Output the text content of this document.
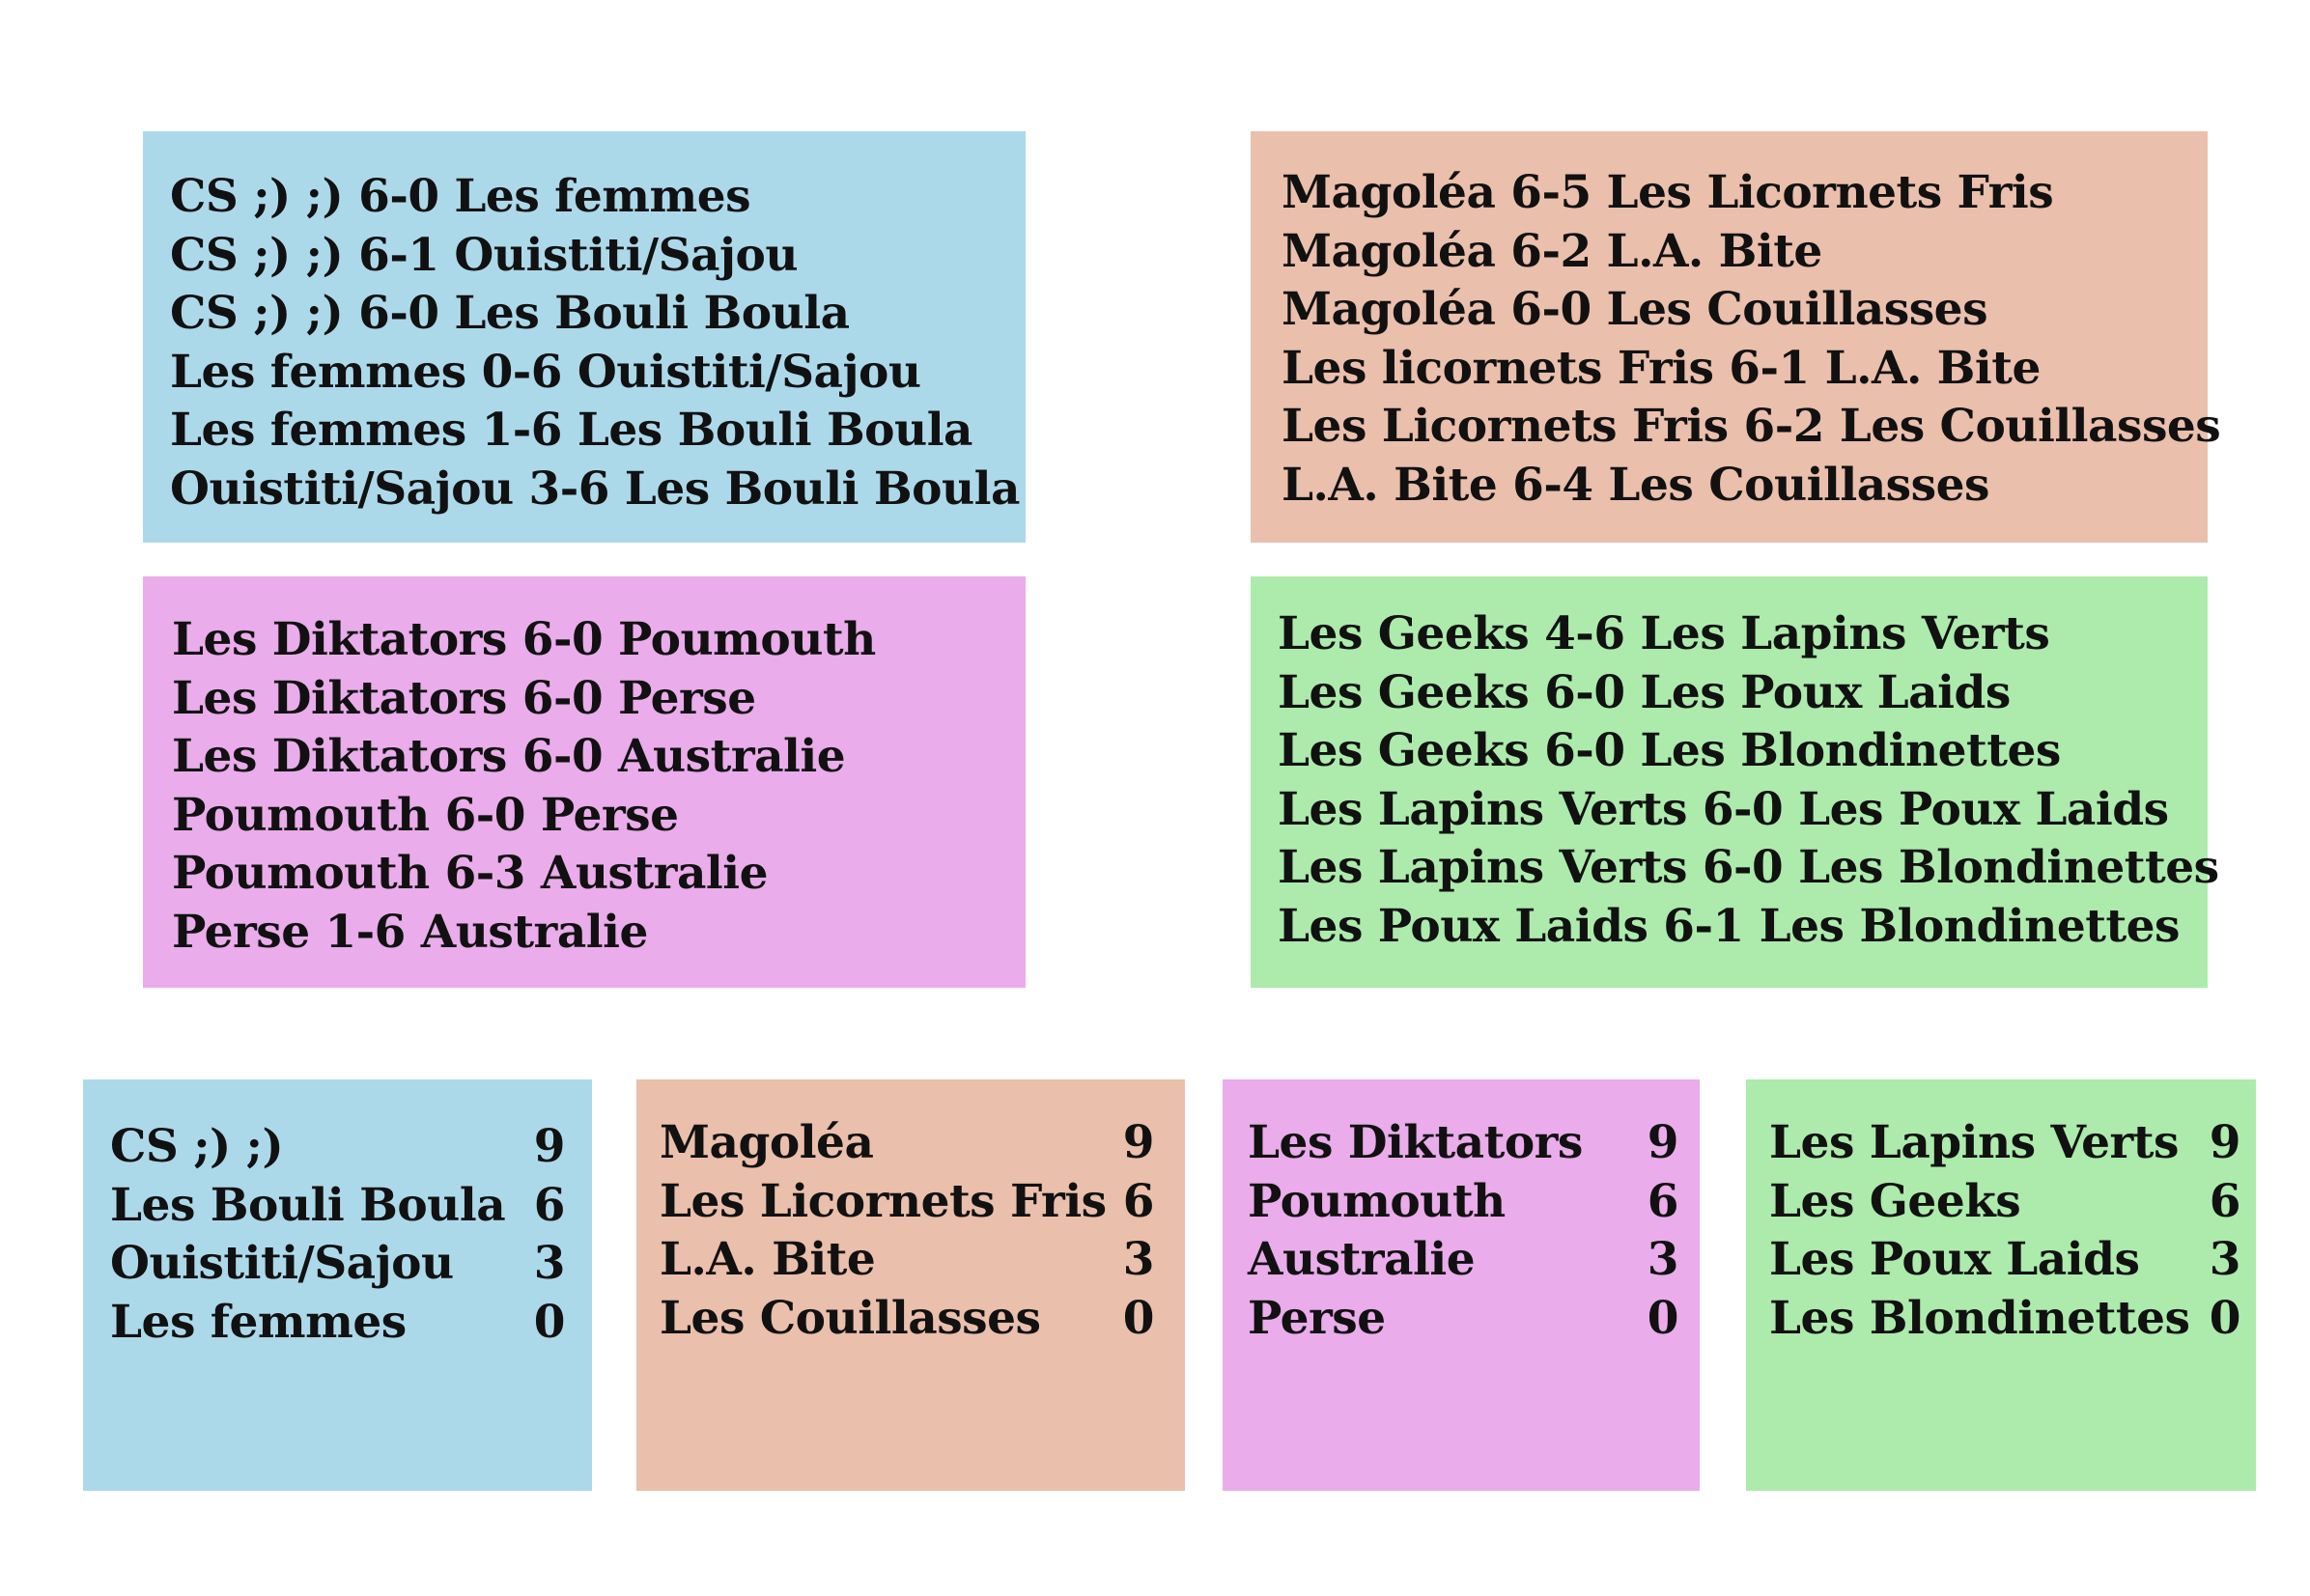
CS ;) ;) 6-0 Les femmes
CS ;) ;) 6-1 Ouistiti/Sajou
CS ;) ;) 6-0 Les Bouli Boula
Les femmes 0-6 Ouistiti/Sajou
Les femmes 1-6 Les Bouli Boula
Ouistiti/Sajou 3-6 Les Bouli Boula
Magoléa 6-5 Les Licornets Fris
Magoléa 6-2 L.A. Bite
Magoléa 6-0 Les Couillasses
Les licornets Fris 6-1 L.A. Bite
Les Licornets Fris 6-2 Les Couillasses
L.A. Bite 6-4 Les Couillasses
Les Diktators 6-0 Poumouth
Les Diktators 6-0 Perse
Les Diktators 6-0 Australie
Poumouth 6-0 Perse
Poumouth 6-3 Australie
Perse 1-6 Australie
Les Geeks 4-6 Les Lapins Verts
Les Geeks 6-0 Les Poux Laids
Les Geeks 6-0 Les Blondinettes
Les Lapins Verts 6-0 Les Poux Laids
Les Lapins Verts 6-0 Les Blondinettes
Les Poux Laids 6-1 Les Blondinettes
CS ;) ;)	9
Les Bouli Boula 6
Ouistiti/Sajou 3
Les femmes	0
Magoléa	9
Les Licornets Fris 6
L.A. Bite	3
Les Couillasses 0
Les Diktators 9
Poumouth	6
Australie	3
Perse	0
Les Lapins Verts 9
Les Geeks	6
Les Poux Laids 3
Les Blondinettes 0
